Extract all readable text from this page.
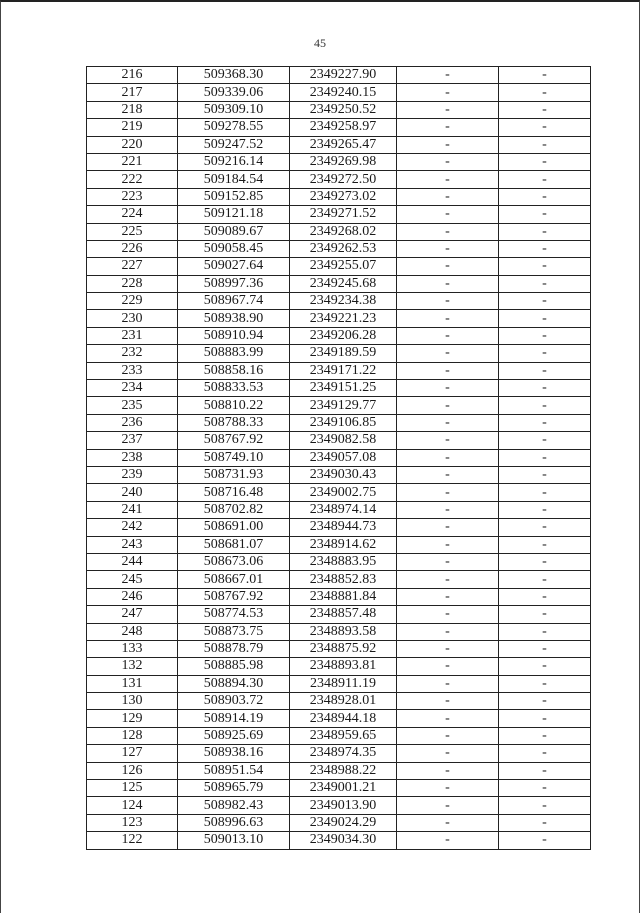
45
216	509368.30	2349227.90	-	-
217	509339.06	2349240.15	-	-
218	509309.10	2349250.52	-	-
219	509278.55	2349258.97	-	-
220	509247.52	2349265.47	-	-
221	509216.14	2349269.98	-	-
222	509184.54	2349272.50	-	-
223	509152.85	2349273.02	-	-
224	509121.18	2349271.52	-	-
225	509089.67	2349268.02	-	-
226	509058.45	2349262.53	-	-
227	509027.64	2349255.07	-	-
228	508997.36	2349245.68	-	-
229	508967.74	2349234.38	-	-
230	508938.90	2349221.23	-	-
231	508910.94	2349206.28	-	-
232	508883.99	2349189.59	-	-
233	508858.16	2349171.22	-	-
234	508833.53	2349151.25	-	-
235	508810.22	2349129.77	-	-
236	508788.33	2349106.85	-	-
237	508767.92	2349082.58	-	-
238	508749.10	2349057.08	-	-
239	508731.93	2349030.43	-	-
240	508716.48	2349002.75	-	-
241	508702.82	2348974.14	-	-
242	508691.00	2348944.73	-	-
243	508681.07	2348914.62	-	-
244	508673.06	2348883.95	-	-
245	508667.01	2348852.83	-	-
246	508767.92	2348881.84	-	-
247	508774.53	2348857.48	-	-
248	508873.75	2348893.58	-	-
133	508878.79	2348875.92	-	-
132	508885.98	2348893.81	-	-
131	508894.30	2348911.19	-	-
130	508903.72	2348928.01	-	-
129	508914.19	2348944.18	-	-
128	508925.69	2348959.65	-	-
127	508938.16	2348974.35	-	-
126	508951.54	2348988.22	-	-
125	508965.79	2349001.21	-	-
124	508982.43	2349013.90	-	-
123	508996.63	2349024.29	-	-
122	509013.10	2349034.30	-	-
